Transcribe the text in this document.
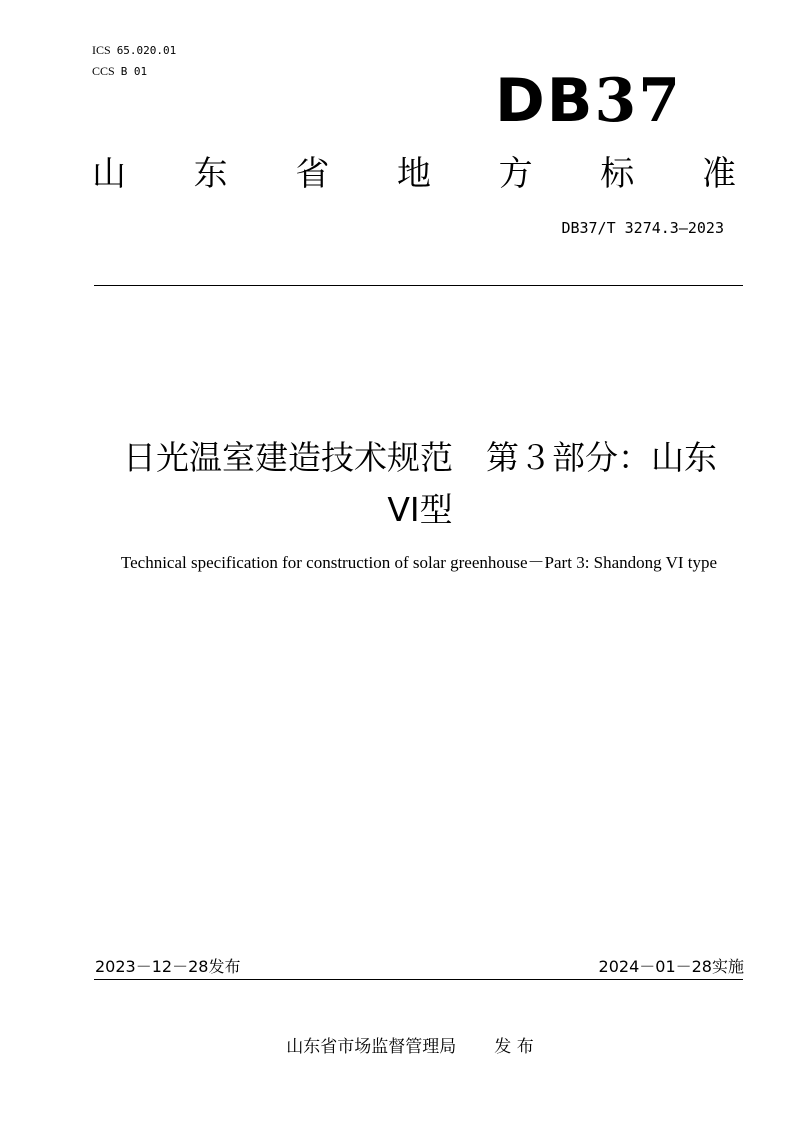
ICS 65.020.01
CCS B 01	DB37
山 东 省 地 方 标 准
DB37/T 3274.3—2023
日光温室建造技术规范　第３部分：山东
VI型
Technical specification for construction of solar greenhouse－Part 3: Shandong VI type
2023－12－28发布	2024－01－28实施
山东省市场监督管理局 发 布
